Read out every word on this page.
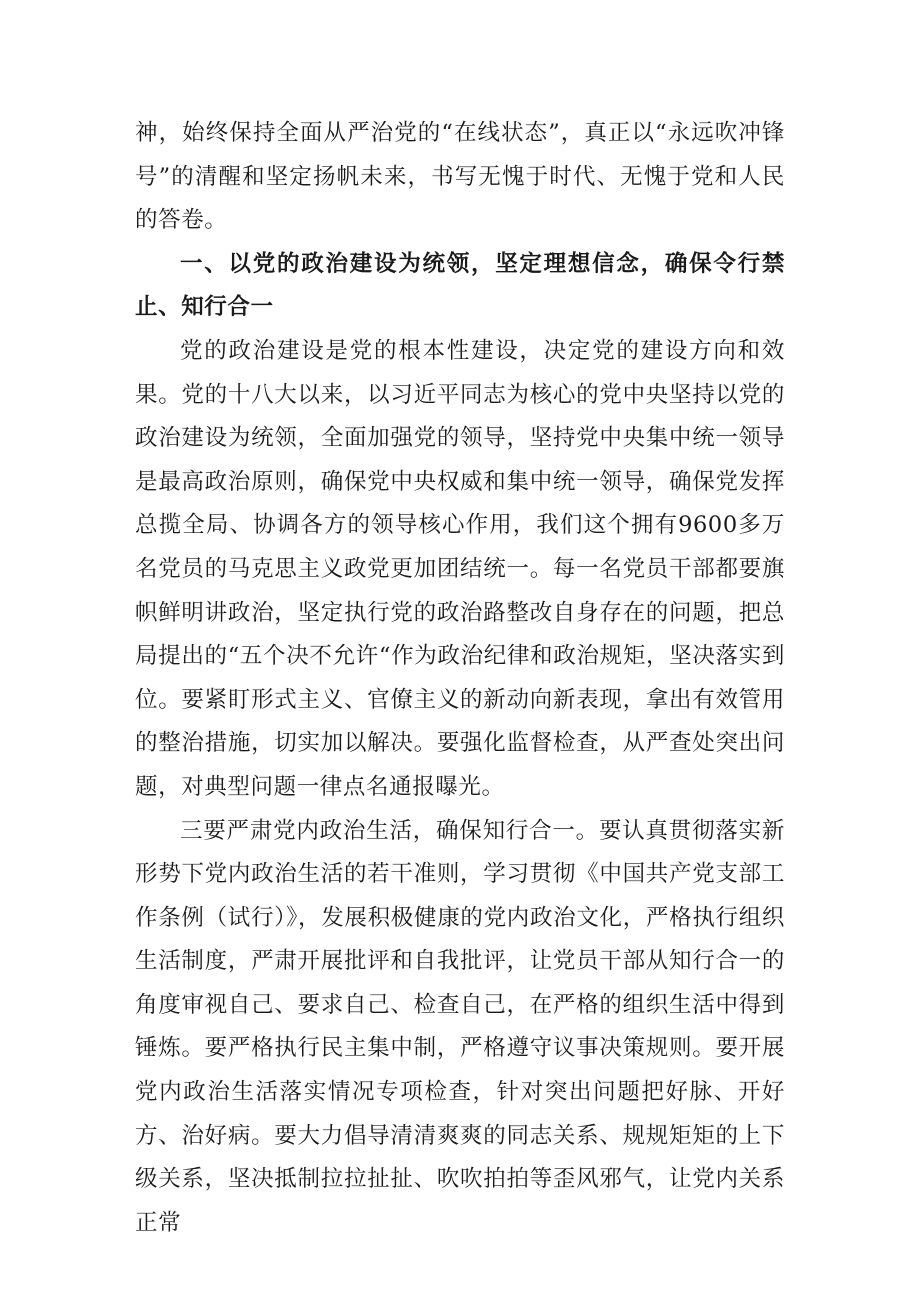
神，始终保持全面从严治党的“在线状态”，真正以“永远吹冲锋号”的清醒和坚定扬帆未来，书写无愧于时代、无愧于党和人民的答卷。

一、以党的政治建设为统领，坚定理想信念，确保令行禁止、知行合一

党的政治建设是党的根本性建设，决定党的建设方向和效果。党的十八大以来，以习近平同志为核心的党中央坚持以党的政治建设为统领，全面加强党的领导，坚持党中央集中统一领导是最高政治原则，确保党中央权威和集中统一领导，确保党发挥总揽全局、协调各方的领导核心作用，我们这个拥有9600多万名党员的马克思主义政党更加团结统一。每一名党员干部都要旗帜鲜明讲政治，坚定执行党的政治路整改自身存在的问题，把总局提出的“五个决不允许“作为政治纪律和政治规矩，坚决落实到位。要紧盯形式主义、官僚主义的新动向新表现，拿出有效管用的整治措施，切实加以解决。要强化监督检查，从严查处突出问题，对典型问题一律点名通报曝光。

三要严肃党内政治生活，确保知行合一。要认真贯彻落实新形势下党内政治生活的若干准则，学习贯彻《中国共产党支部工作条例（试行）》，发展积极健康的党内政治文化，严格执行组织生活制度，严肃开展批评和自我批评，让党员干部从知行合一的角度审视自己、要求自己、检查自己，在严格的组织生活中得到锤炼。要严格执行民主集中制，严格遵守议事决策规则。要开展党内政治生活落实情况专项检查，针对突出问题把好脉、开好方、治好病。要大力倡导清清爽爽的同志关系、规规矩矩的上下级关系，坚决抵制拉拉扯扯、吹吹拍拍等歪风邪气，让党内关系正常
